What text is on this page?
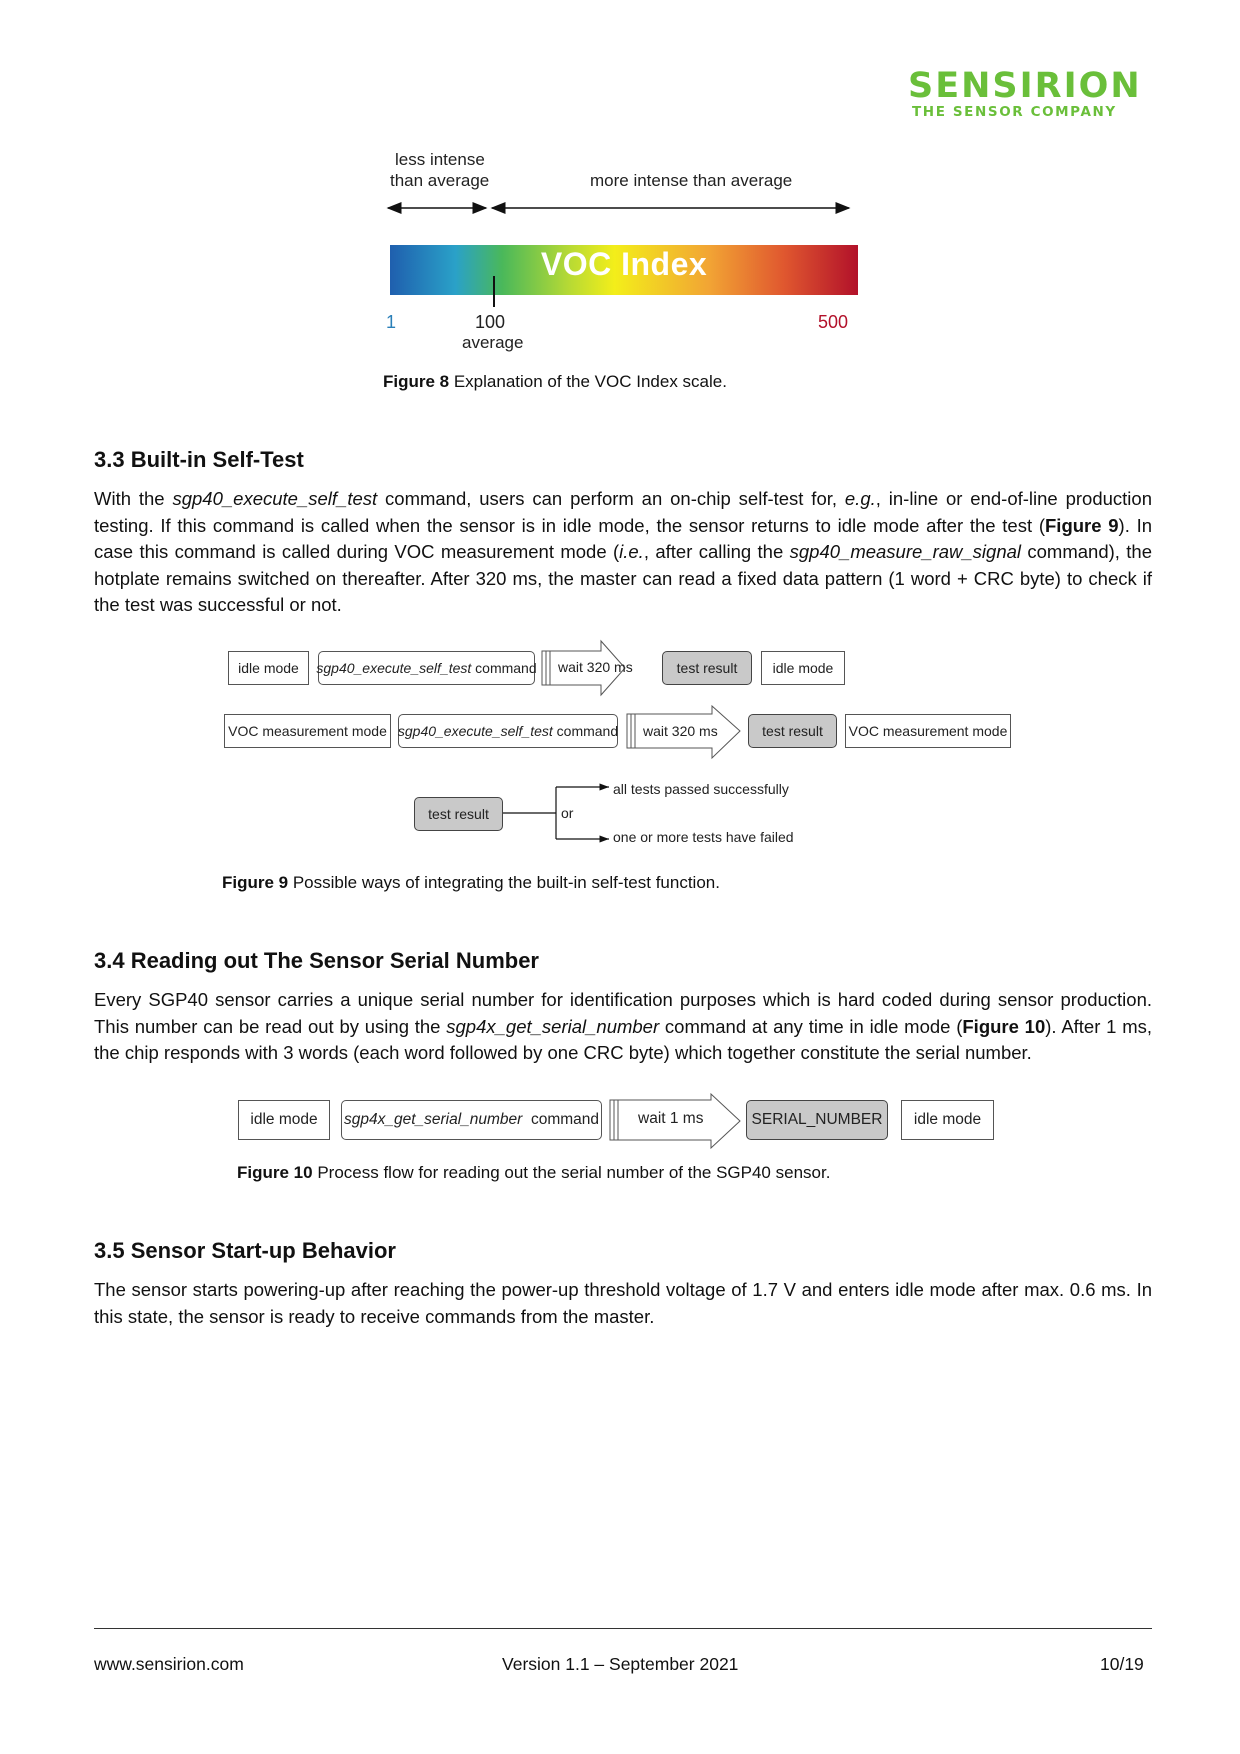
SENSIRION
THE SENSOR COMPANY
less intense
than average	more intense than average
VOC Index
1	100
average
500
Figure 8 Explanation of the VOC Index scale.
3.3 Built-in Self-Test

With the sgp40_execute_self_test command, users can perform an on-chip self-test for, e.g., in-line or end-of-line production testing. If this command is called when the sensor is in idle mode, the sensor returns to idle mode after the test (Figure 9). In case this command is called during VOC measurement mode (i.e., after calling the sgp40_measure_raw_signal command), the hotplate remains switched on thereafter. After 320 ms, the master can read a fixed data pattern (1 word + CRC byte) to check if the test was successful or not.

idle mode	sgp40_execute_self_test command wait 320 ms	test result	idle mode
VOC measurement mode sgp40_execute_self_test command wait 320 ms	test result	VOC measurement mode
test result	or
all tests passed successfully
one or more tests have failed
Figure 9 Possible ways of integrating the built-in self-test function.
3.4 Reading out The Sensor Serial Number

Every SGP40 sensor carries a unique serial number for identification purposes which is hard coded during sensor production. This number can be read out by using the sgp4x_get_serial_number command at any time in idle mode (Figure 10). After 1 ms, the chip responds with 3 words (each word followed by one CRC byte) which together constitute the serial number.

idle mode	sgp4x_get_serial_number command	wait 1 ms	SERIAL_NUMBER	idle mode
Figure 10 Process flow for reading out the serial number of the SGP40 sensor.
3.5 Sensor Start-up Behavior

The sensor starts powering-up after reaching the power-up threshold voltage of 1.7 V and enters idle mode after max. 0.6 ms. In this state, the sensor is ready to receive commands from the master.

www.sensirion.com	Version 1.1 – September 2021	10/19
